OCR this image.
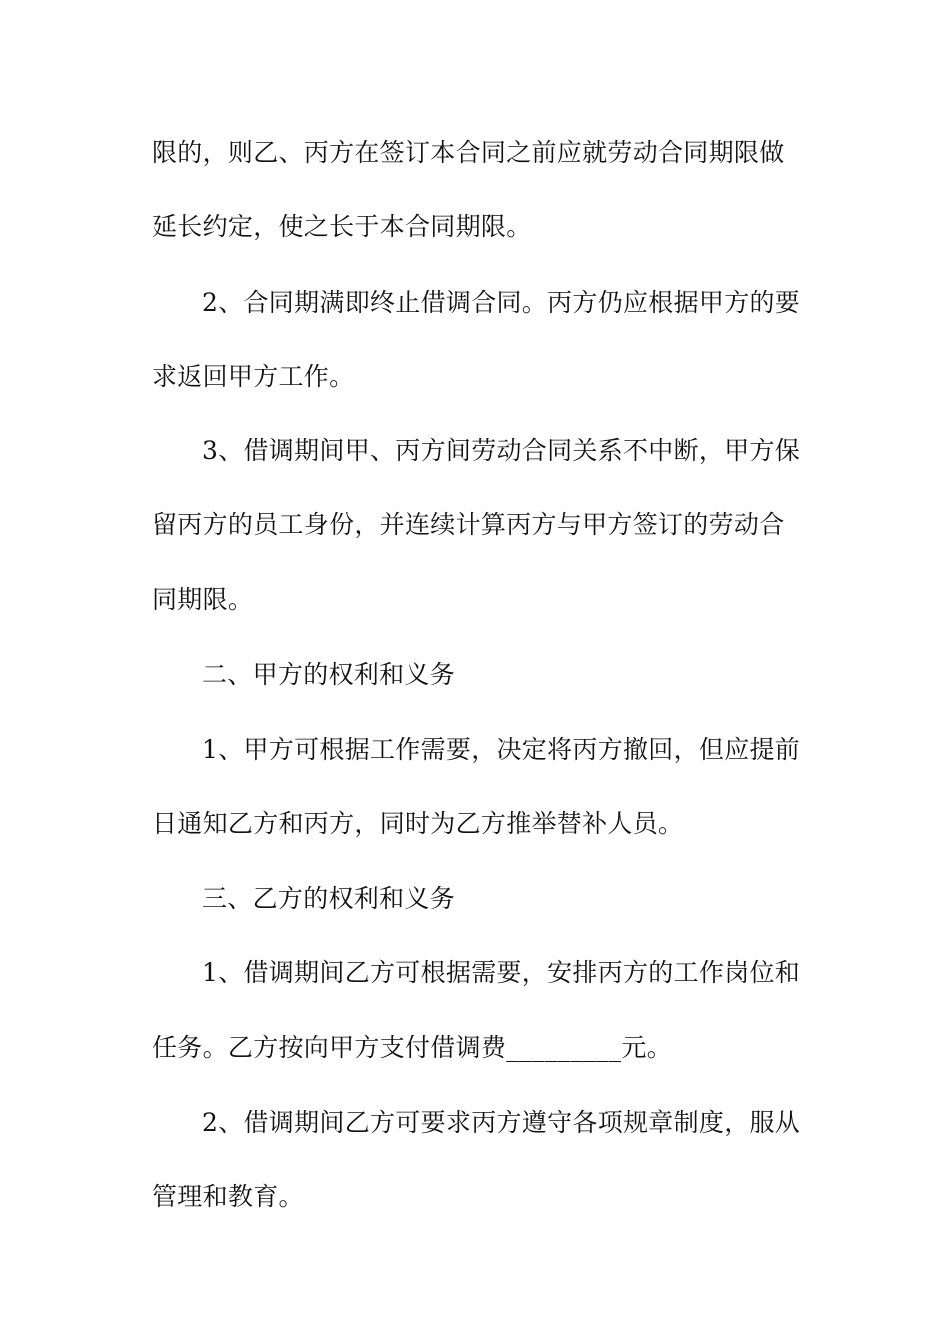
限的，则乙、丙方在签订本合同之前应就劳动合同期限做
延长约定，使之长于本合同期限。
2、合同期满即终止借调合同。丙方仍应根据甲方的要
求返回甲方工作。
3、借调期间甲、丙方间劳动合同关系不中断，甲方保
留丙方的员工身份，并连续计算丙方与甲方签订的劳动合
同期限。
二、甲方的权利和义务
1、甲方可根据工作需要，决定将丙方撤回，但应提前
日通知乙方和丙方，同时为乙方推举替补人员。
三、乙方的权利和义务
1、借调期间乙方可根据需要，安排丙方的工作岗位和
任务。乙方按向甲方支付借调费_________元。
2、借调期间乙方可要求丙方遵守各项规章制度，服从
管理和教育。
